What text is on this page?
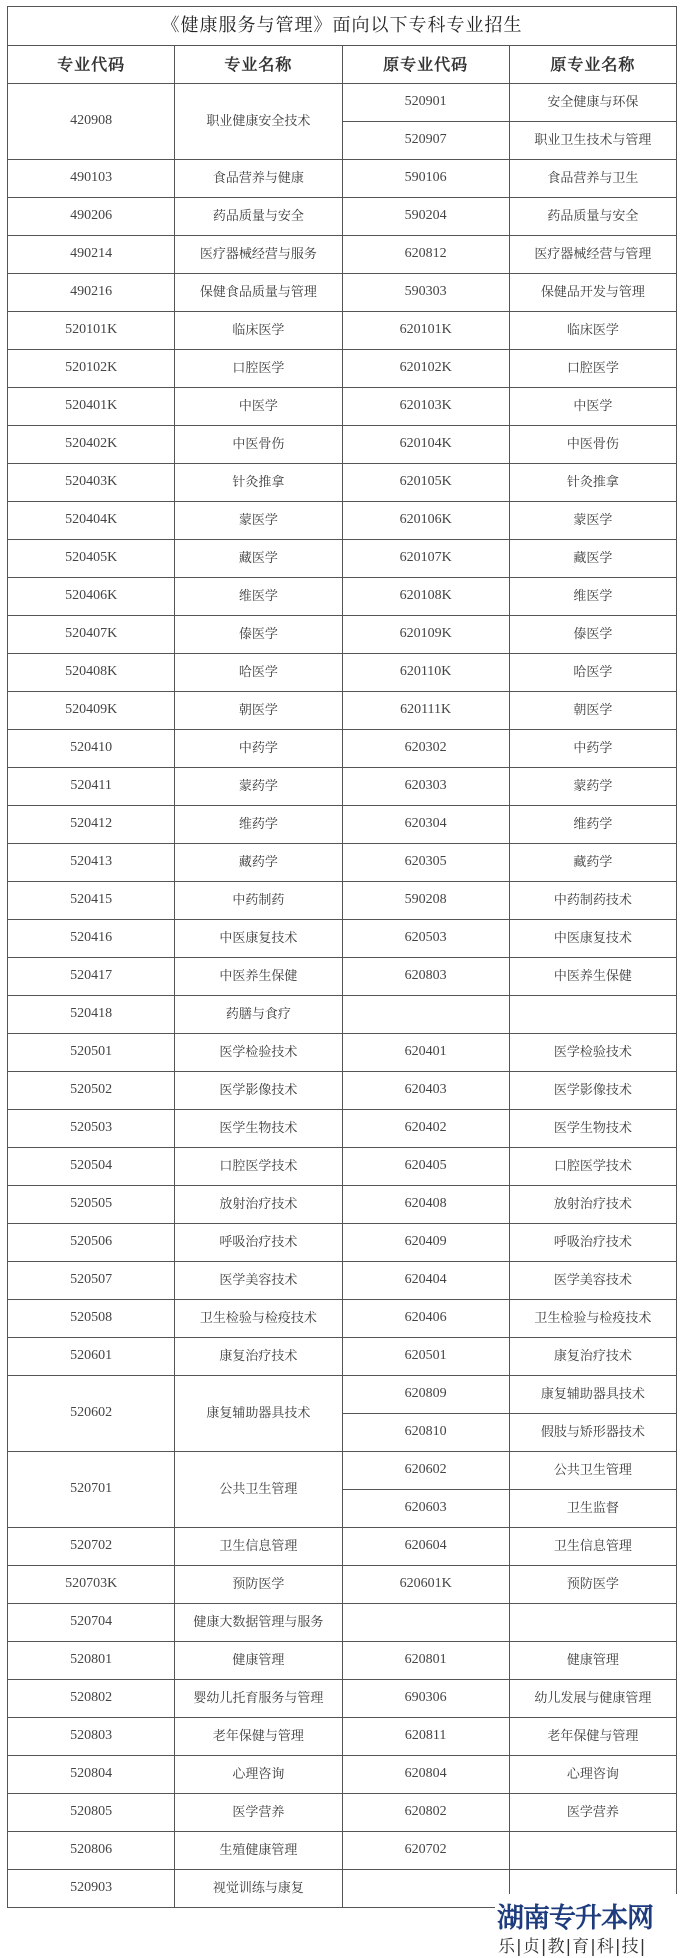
《健康服务与管理》面向以下专科专业招生			
专业代码	专业名称	原专业代码	原专业名称
420908	职业健康安全技术	520901	安全健康与环保
		520907	职业卫生技术与管理
490103	食品营养与健康	590106	食品营养与卫生
490206	药品质量与安全	590204	药品质量与安全
490214	医疗器械经营与服务	620812	医疗器械经营与管理
490216	保健食品质量与管理	590303	保健品开发与管理
520101K	临床医学	620101K	临床医学
520102K	口腔医学	620102K	口腔医学
520401K	中医学	620103K	中医学
520402K	中医骨伤	620104K	中医骨伤
520403K	针灸推拿	620105K	针灸推拿
520404K	蒙医学	620106K	蒙医学
520405K	藏医学	620107K	藏医学
520406K	维医学	620108K	维医学
520407K	傣医学	620109K	傣医学
520408K	哈医学	620110K	哈医学
520409K	朝医学	620111K	朝医学
520410	中药学	620302	中药学
520411	蒙药学	620303	蒙药学
520412	维药学	620304	维药学
520413	藏药学	620305	藏药学
520415	中药制药	590208	中药制药技术
520416	中医康复技术	620503	中医康复技术
520417	中医养生保健	620803	中医养生保健
520418	药膳与食疗		
520501	医学检验技术	620401	医学检验技术
520502	医学影像技术	620403	医学影像技术
520503	医学生物技术	620402	医学生物技术
520504	口腔医学技术	620405	口腔医学技术
520505	放射治疗技术	620408	放射治疗技术
520506	呼吸治疗技术	620409	呼吸治疗技术
520507	医学美容技术	620404	医学美容技术
520508	卫生检验与检疫技术	620406	卫生检验与检疫技术
520601	康复治疗技术	620501	康复治疗技术
520602	康复辅助器具技术	620809	康复辅助器具技术
		620810	假肢与矫形器技术
520701	公共卫生管理	620602	公共卫生管理
		620603	卫生监督
520702	卫生信息管理	620604	卫生信息管理
520703K	预防医学	620601K	预防医学
520704	健康大数据管理与服务		
520801	健康管理	620801	健康管理
520802	婴幼儿托育服务与管理	690306	幼儿发展与健康管理
520803	老年保健与管理	620811	老年保健与管理
520804	心理咨询	620804	心理咨询
520805	医学营养	620802	医学营养
520806	生殖健康管理	620702	
520903	视觉训练与康复		
湖南专升本网
乐|贞|教|育|科|技|
